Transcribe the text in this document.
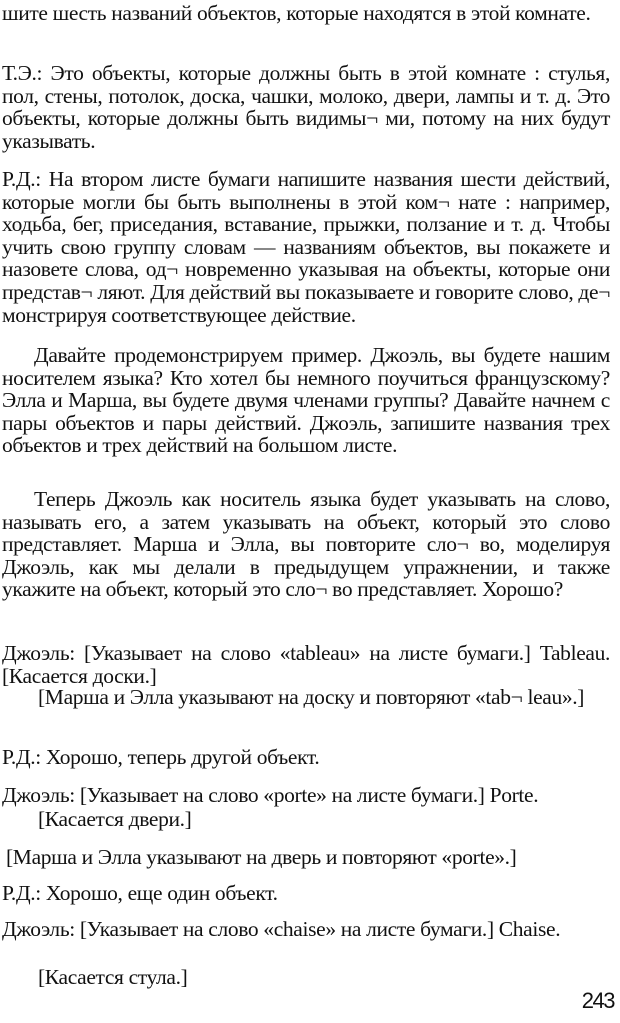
шите шесть названий объектов, которые находятся в этой комнате.

Т.Э.: Это объекты, которые должны быть в этой комнате : стулья, пол, стены, потолок, доска, чашки, молоко, двери, лампы и т. д. Это объекты, которые должны быть видимы¬ ми, потому на них будут указывать.

Р.Д.: На втором листе бумаги напишите названия шести действий, которые могли бы быть выполнены в этой ком¬ нате : например, ходьба, бег, приседания, вставание, прыжки, ползание и т. д. Чтобы учить свою группу словам — названиям объектов, вы покажете и назовете слова, од¬ новременно указывая на объекты, которые они представ¬ ляют. Для действий вы показываете и говорите слово, де¬ монстрируя соответствующее действие.

Давайте продемонстрируем пример. Джоэль, вы будете нашим носителем языка? Кто хотел бы немного поучиться французскому? Элла и Марша, вы будете двумя членами группы? Давайте начнем с пары объектов и пары действий. Джоэль, запишите названия трех объектов и трех действий на большом листе.

Теперь Джоэль как носитель языка будет указывать на слово, называть его, а затем указывать на объект, который это слово представляет. Марша и Элла, вы повторите сло¬ во, моделируя Джоэль, как мы делали в предыдущем упражнении, и также укажите на объект, который это сло¬ во представляет. Хорошо?

Джоэль: [Указывает на слово «tableau» на листе бумаги.] Tableau. [Касается доски.]

[Марша и Элла указывают на доску и повторяют «tab¬ leau».]

Р.Д.: Хорошо, теперь другой объект.

Джоэль: [Указывает на слово «porte» на листе бумаги.] Porte.

[Касается двери.]

[Марша и Элла указывают на дверь и повторяют «porte».]

Р.Д.: Хорошо, еще один объект.

Джоэль: [Указывает на слово «chaise» на листе бумаги.] Chaise.

[Касается стула.]

243
